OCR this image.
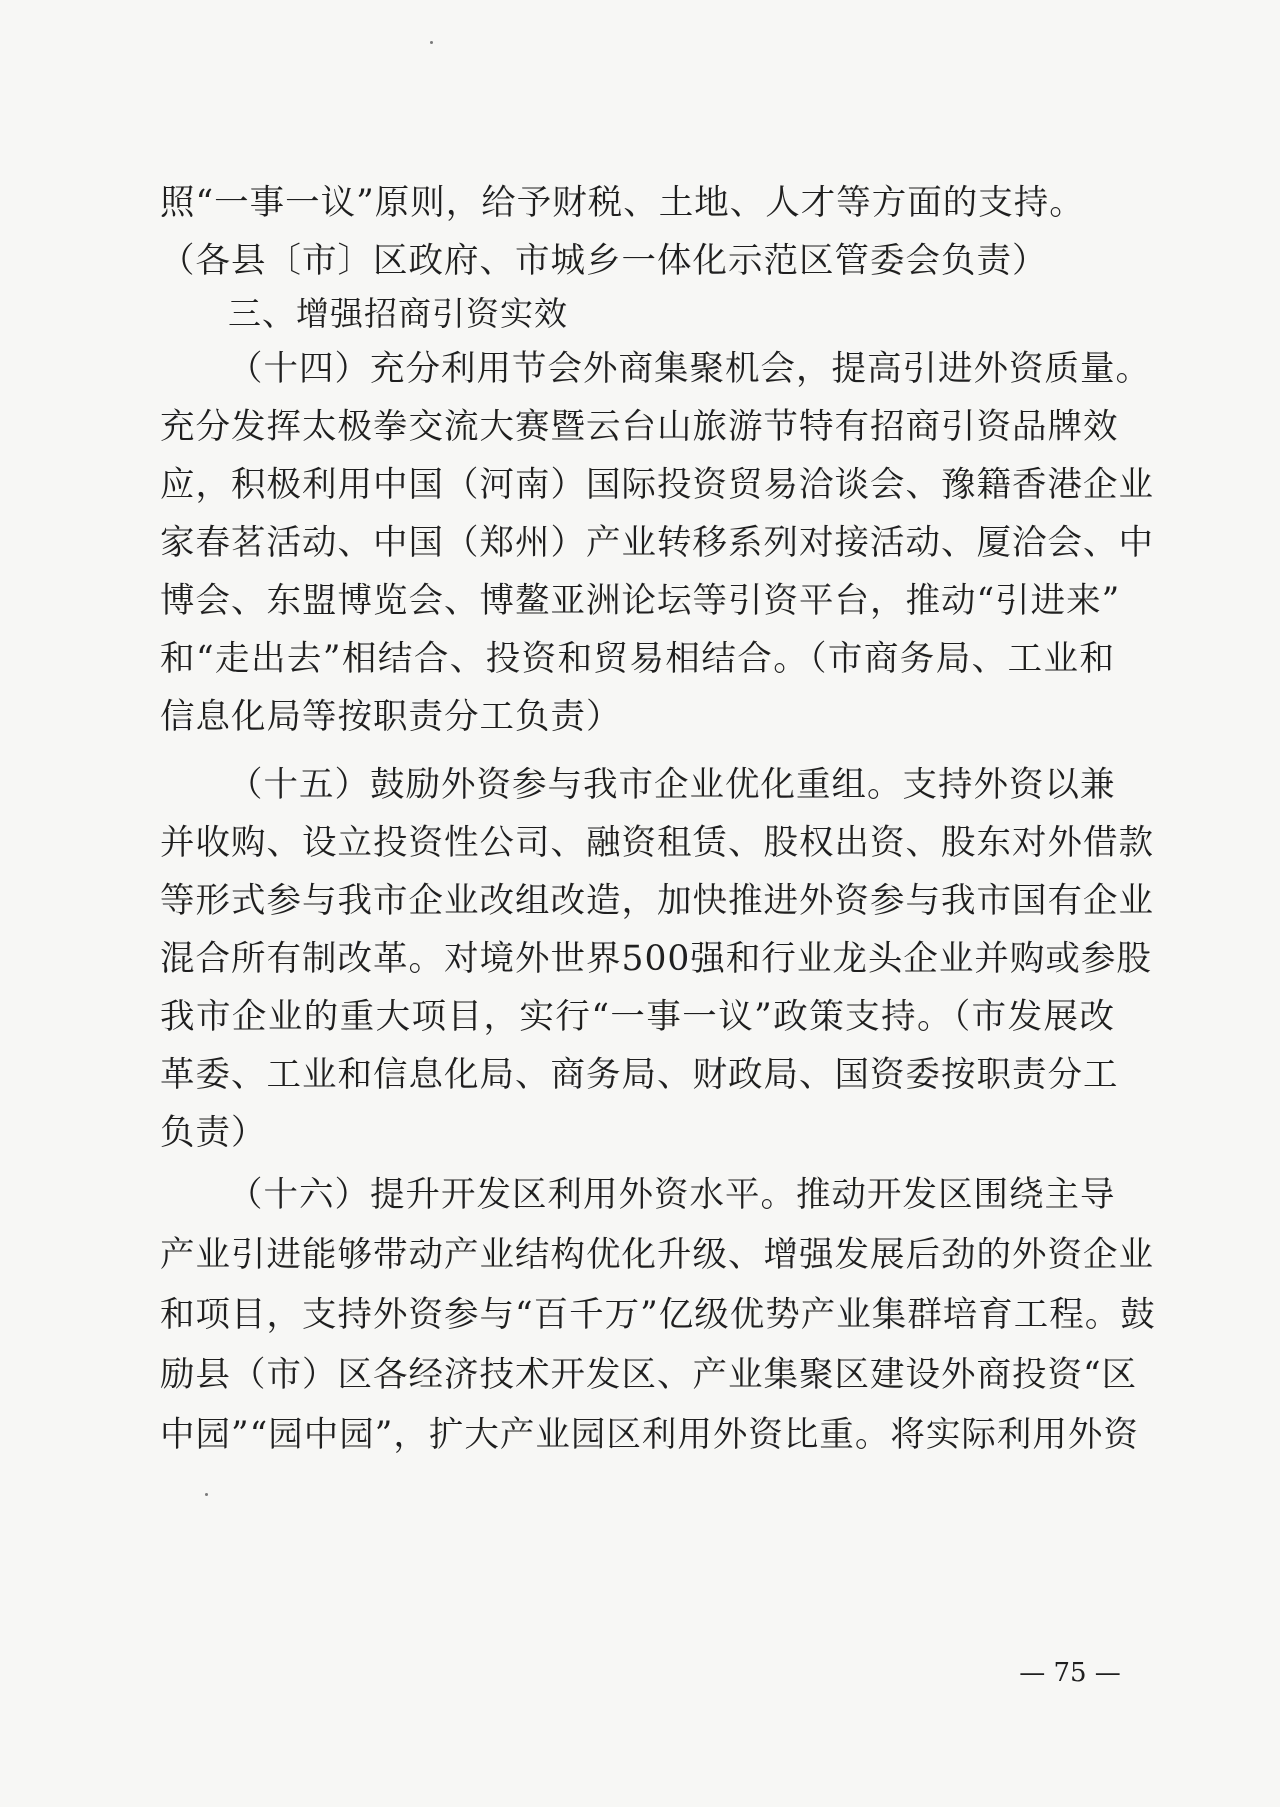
照“一事一议”原则，给予财税、土地、人才等方面的支持。
（各县〔市〕区政府、市城乡一体化示范区管委会负责）
三、增强招商引资实效
（十四）充分利用节会外商集聚机会，提高引进外资质量。
充分发挥太极拳交流大赛暨云台山旅游节特有招商引资品牌效
应，积极利用中国（河南）国际投资贸易洽谈会、豫籍香港企业
家春茗活动、中国（郑州）产业转移系列对接活动、厦洽会、中
博会、东盟博览会、博鳌亚洲论坛等引资平台，推动“引进来”
和“走出去”相结合、投资和贸易相结合。（市商务局、工业和
信息化局等按职责分工负责）
（十五）鼓励外资参与我市企业优化重组。支持外资以兼
并收购、设立投资性公司、融资租赁、股权出资、股东对外借款
等形式参与我市企业改组改造，加快推进外资参与我市国有企业
混合所有制改革。对境外世界500强和行业龙头企业并购或参股
我市企业的重大项目，实行“一事一议”政策支持。（市发展改
革委、工业和信息化局、商务局、财政局、国资委按职责分工
负责）
（十六）提升开发区利用外资水平。推动开发区围绕主导
产业引进能够带动产业结构优化升级、增强发展后劲的外资企业
和项目，支持外资参与“百千万”亿级优势产业集群培育工程。鼓
励县（市）区各经济技术开发区、产业集聚区建设外商投资“区
中园”“园中园”，扩大产业园区利用外资比重。将实际利用外资
— 75 —
